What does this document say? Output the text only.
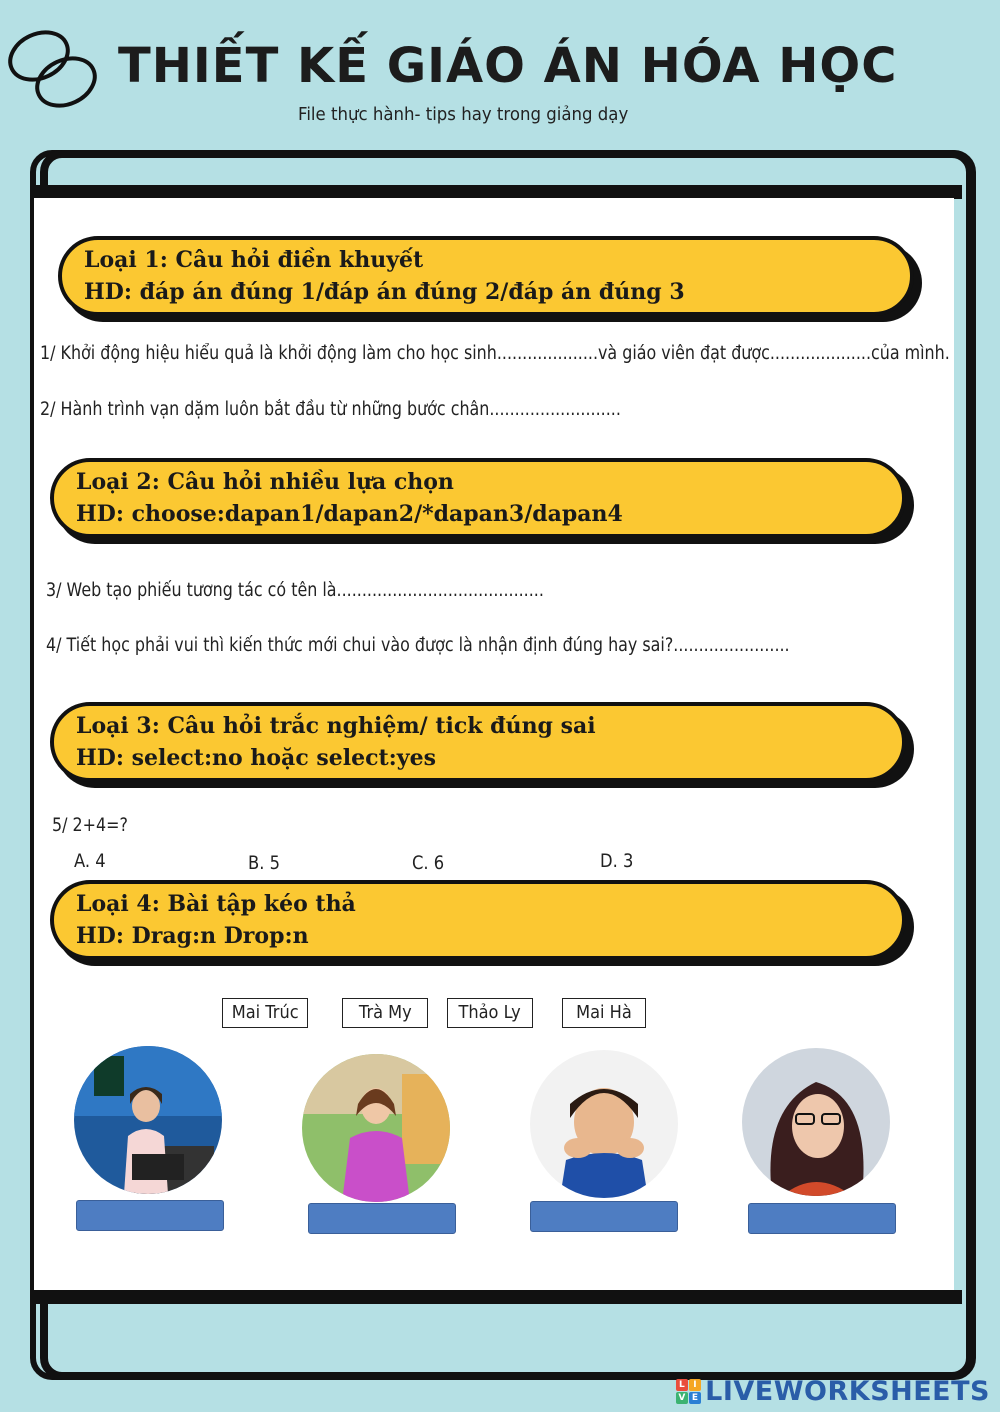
THIẾT KẾ GIÁO ÁN HÓA HỌC
File thực hành- tips hay trong giảng dạy
Loại 1: Câu hỏi điền khuyết
HD: đáp án đúng 1/đáp án đúng 2/đáp án đúng 3
1/ Khởi động hiệu hiểu quả là khởi động làm cho học sinh....................và giáo viên đạt được....................của mình.
2/ Hành trình vạn dặm luôn bắt đầu từ những bước chân..........................
Loại 2: Câu hỏi nhiều lựa chọn
HD: choose:dapan1/dapan2/*dapan3/dapan4
3/ Web tạo phiếu tương tác có tên là.........................................
4/ Tiết học phải vui thì kiến thức mới chui vào được là nhận định đúng hay sai?.......................
Loại 3: Câu hỏi trắc nghiệm/ tick đúng sai
HD: select:no hoặc select:yes
5/ 2+4=?
A. 4	B. 5	C. 6	D. 3
Loại 4: Bài tập kéo thả
HD: Drag:n Drop:n
Mai Trúc	Trà My	Thảo Ly	Mai Hà
L I
V E LIVEWORKSHEETS
